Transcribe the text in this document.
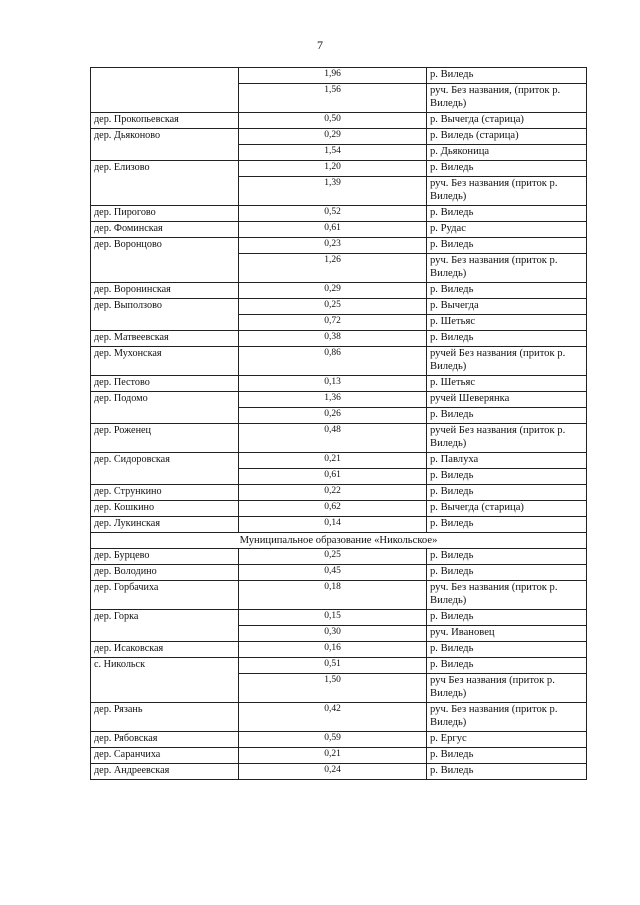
7
	1,96	р. Виледь
	1,56	руч. Без названия, (приток р. Виледь)
дер. Прокопьевская	0,50	р. Вычегда (старица)
дер. Дьяконово	0,29	р. Виледь (старица)
	1,54	р. Дьяконица
дер. Елизово	1,20	р. Виледь
	1,39	руч. Без названия (приток р. Виледь)
дер. Пирогово	0,52	р. Виледь
дер. Фоминская	0,61	р. Рудас
дер. Воронцово	0,23	р. Виледь
	1,26	руч. Без названия (приток р. Виледь)
дер. Воронинская	0,29	р. Виледь
дер. Выползово	0,25	р. Вычегда
	0,72	р. Шетьяс
дер. Матвеевская	0,38	р. Виледь
дер. Мухонская	0,86	ручей Без названия (приток р. Виледь)
дер. Пестово	0,13	р. Шетьяс
дер. Подомо	1,36	ручей Шеверянка
	0,26	р. Виледь
дер. Роженец	0,48	ручей Без названия (приток р. Виледь)
дер. Сидоровская	0,21	р. Павлуха
	0,61	р. Виледь
дер. Стрункино	0,22	р. Виледь
дер. Кошкино	0,62	р. Вычегда (старица)
дер. Лукинская	0,14	р. Виледь
Муниципальное образование «Никольское»		
дер. Бурцево	0,25	р. Виледь
дер. Володино	0,45	р. Виледь
дер. Горбачиха	0,18	руч. Без названия (приток р. Виледь)
дер. Горка	0,15	р. Виледь
	0,30	руч. Ивановец
дер. Исаковская	0,16	р. Виледь
с. Никольск	0,51	р. Виледь
	1,50	руч Без названия (приток р. Виледь)
дер. Рязань	0,42	руч. Без названия (приток р. Виледь)
дер. Рябовская	0,59	р. Ергус
дер. Саранчиха	0,21	р. Виледь
дер. Андреевская	0,24	р. Виледь
